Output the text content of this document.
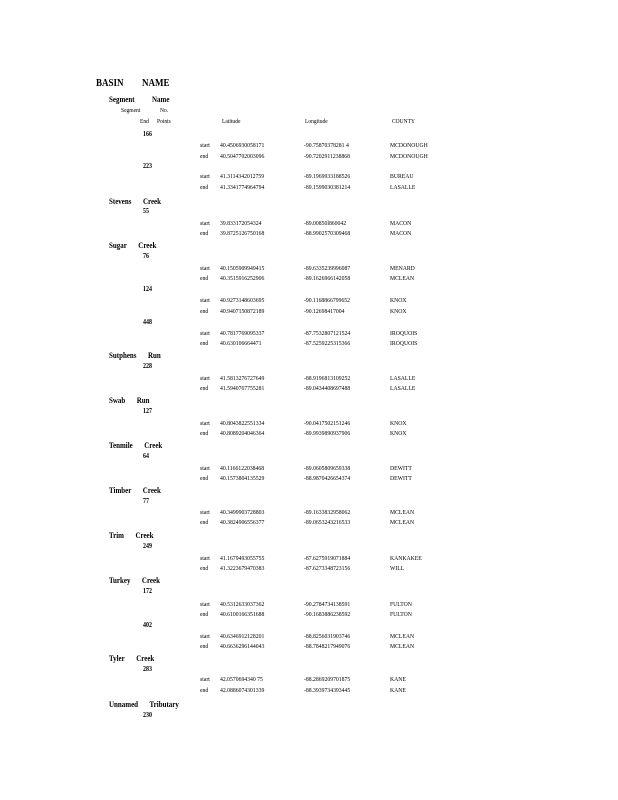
BASIN NAME
Segment Name
Segment	No.
End Points	Latitude	Longitude	COUNTY
166
start 40.4506930058171	-90.75870378281 4	MCDONOUGH
end 40.5047702003096	-90.7202911238868	MCDONOUGH
223
start 41.3114342012759	-89.1969933188526	BUREAU
end 41.3341774964794	-89.1599030381214	LASALLE
Stevens Creek
55
start 39.833172054324	-89.00850l860042	MACON
end 39.8725126750168	-88.9902570309468	MACON
Sugar Creek
76
start 40.1505909949415	-89.6335239996087	MENARD
end 40.3515916252906	-89.1626966142058	MCLEAN
124
start 40.9273148603695	-90.1168866799652	KNOX
end 40.9407150872189	-90.12698417004	KNOX
448
start 40.7817769095337	-87.7532807121524	IROQUOIS
end 40.630106664471	-87.5259225315366	IROQUOIS
Sutphens Run
228
start 41.5813276727649	-88.9196813109252	LASALLE
end 41.5940767755281	-89.0434408697488	LASALLE
Swab Run
127
start 40.8043822551334	-90.0417502151246	KNOX
end 40.8089204046364	-89.9939890937906	KNOX
Tenmile Creek
64
start 40.1166122038468	-89.0605809659338	DEWITT
end 40.1573804135529	-88.9870426654374	DEWITT
Timber Creek
77
start 40.3499903728803	-89.1633832958062	MCLEAN
end 40.3824906556377	-89.0653243216533	MCLEAN
Trim Creek
249
start 41.1679493055755	-87.6275919071884	KANKAKEE
end 41.3223679470383	-87.6273348723156	WILL
Turkey Creek
172
start 40.5312633037362	-90.2784734138591	FULTON
end 40.6100166351688	-90.1683886238592	FULTON
402
start 40.6346912128201	-88.8256031903746	MCLEAN
end 40.6636296144043	-88.7848217949076	MCLEAN
Tyler Creek
283
start 42.0570694340 75	-88.2869209701875	KANE
end 42.0886074301339	-88.3939734393445	KANE
Unnamed Tributary
230
